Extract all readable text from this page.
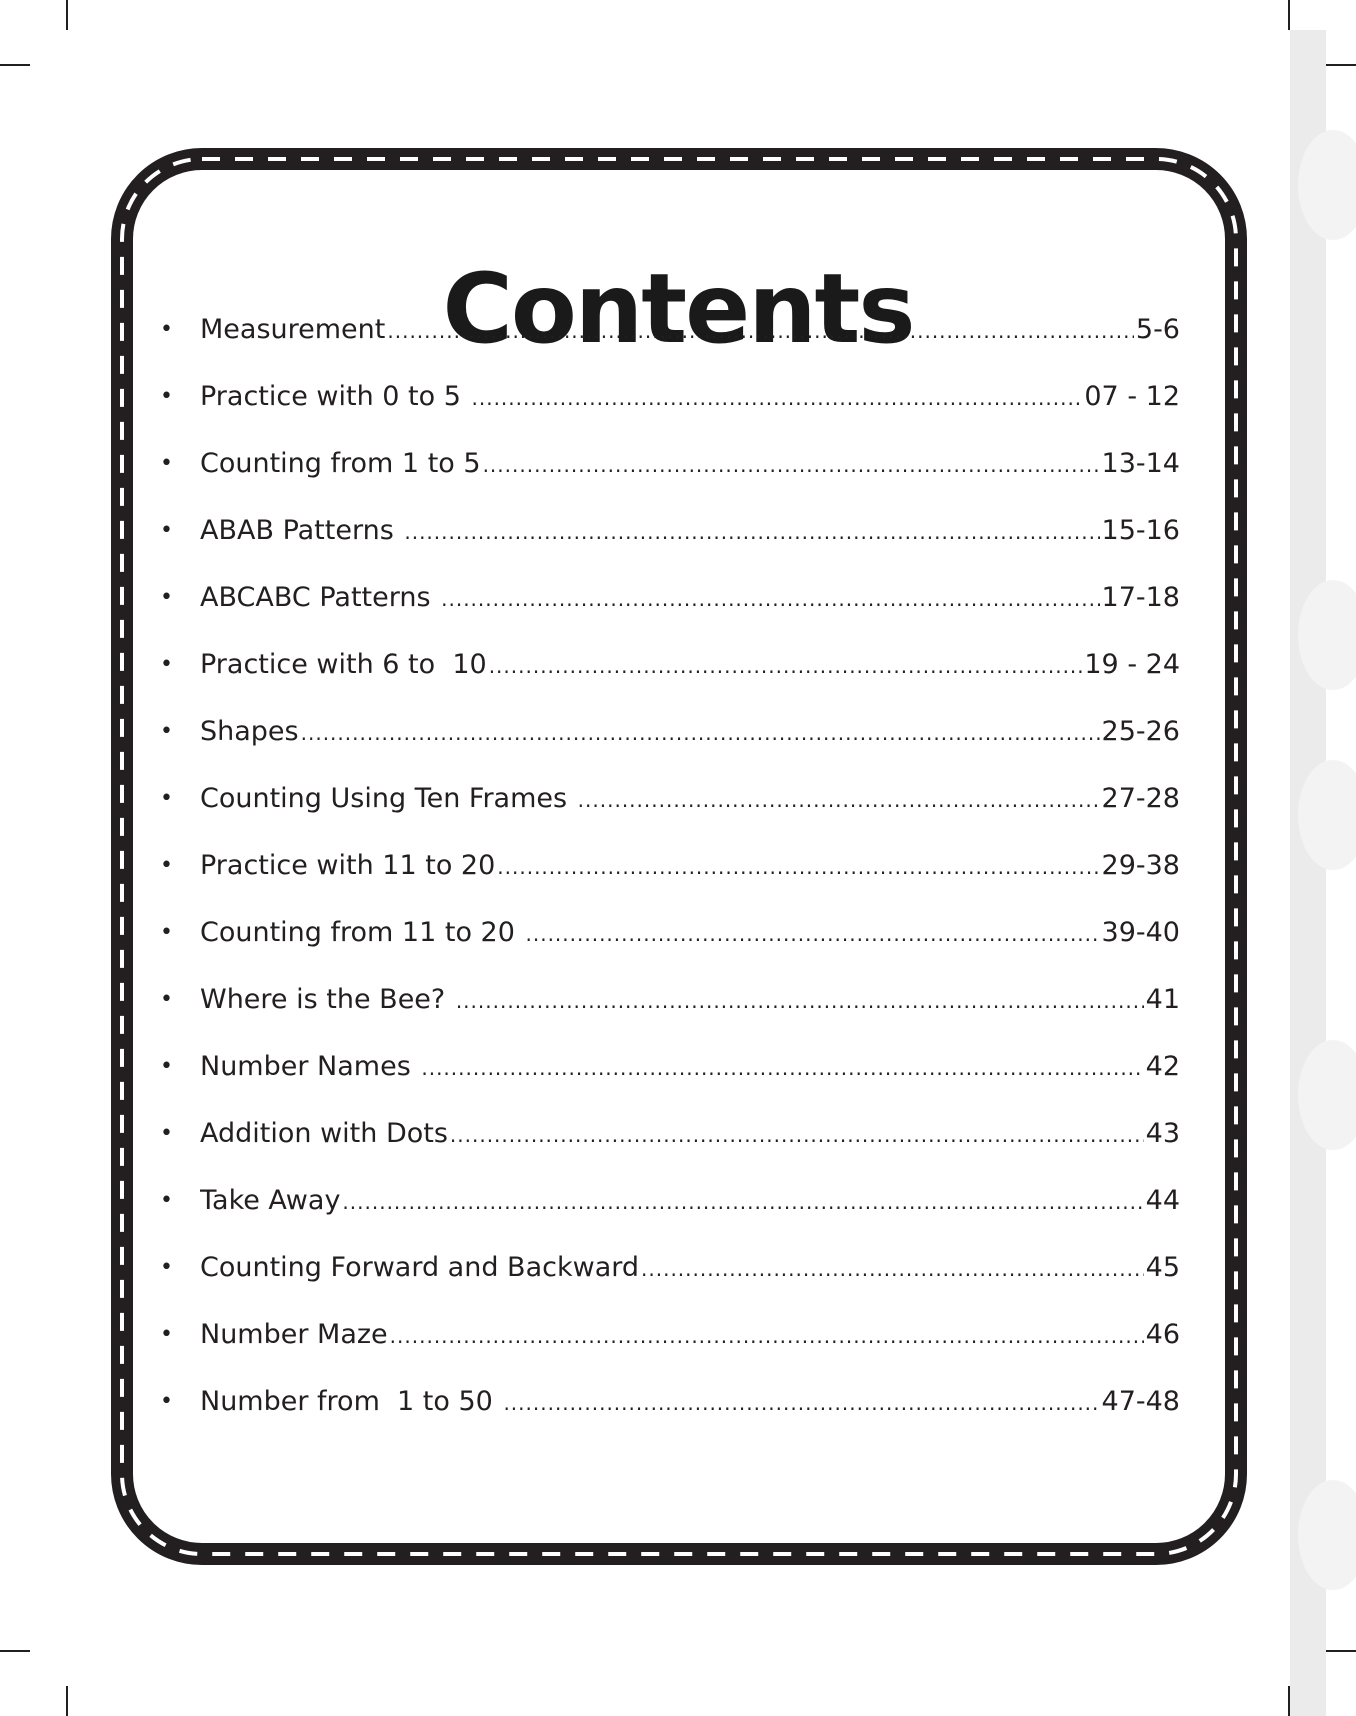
Contents
•	Measurement .....	5-6
•	Practice with 0 to 5 .....	07 - 12
•	Counting from 1 to 5 .....	13-14
•	ABAB Patterns .....	15-16
•	ABCABC Patterns .....	17-18
•	Practice with 6 to  10 .....	19 - 24
•	Shapes .....	25-26
•	Counting Using Ten Frames .....	27-28
•	Practice with 11 to 20 .....	29-38
•	Counting from 11 to 20 .....	39-40
•	Where is the Bee? .....	41
•	Number Names .....	42
•	Addition with Dots .....	43
•	Take Away .....	44
•	Counting Forward and Backward .....	45
•	Number Maze .....	46
•	Number from  1 to 50 .....	47-48
